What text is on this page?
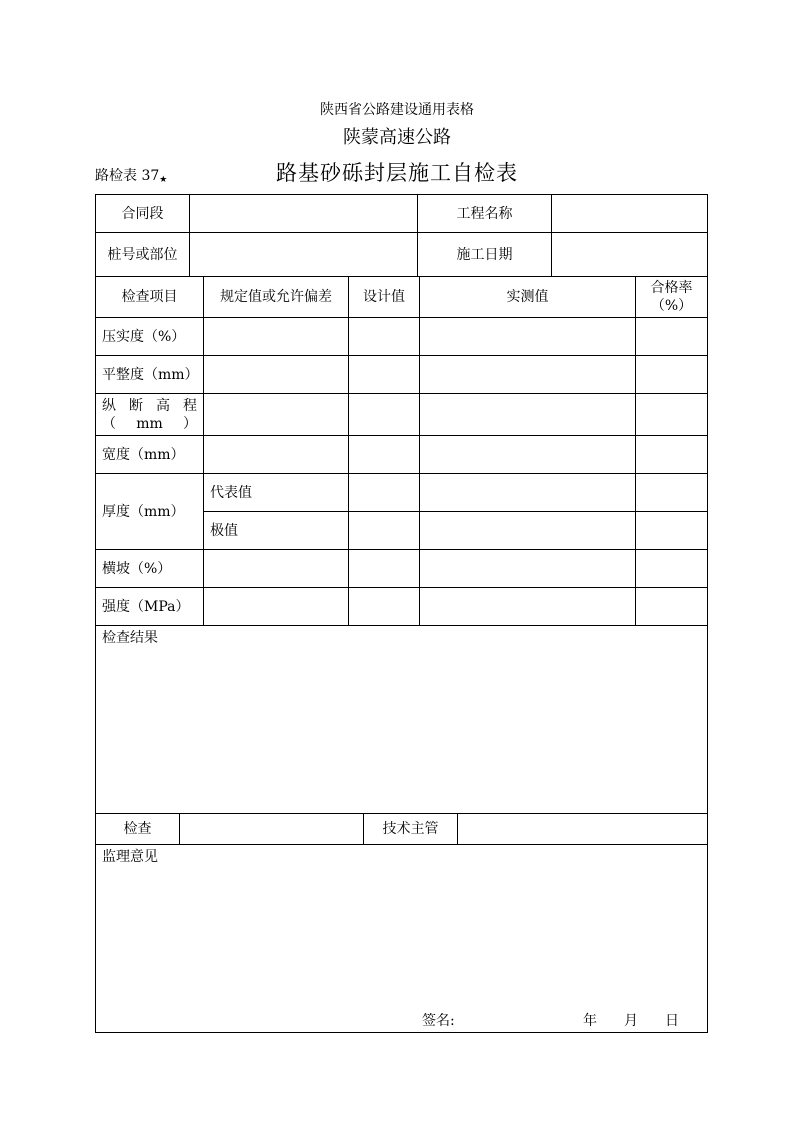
陕西省公路建设通用表格
陕蒙高速公路
路检表 37★	路基砂砾封层施工自检表
合同段		工程名称	
桩号或部位		施工日期	
检查项目	规定值或允许偏差	设计值	实测值	合格率（%）
压实度（%）				
平整度（mm）				
纵 断 高 程（mm）				
宽度（mm）				
厚度（mm）	代表值			
	极值			
横坡（%）				
强度（MPa）				
检查结果				
检查		技术主管	
监理意见
签名:	年 月 日
